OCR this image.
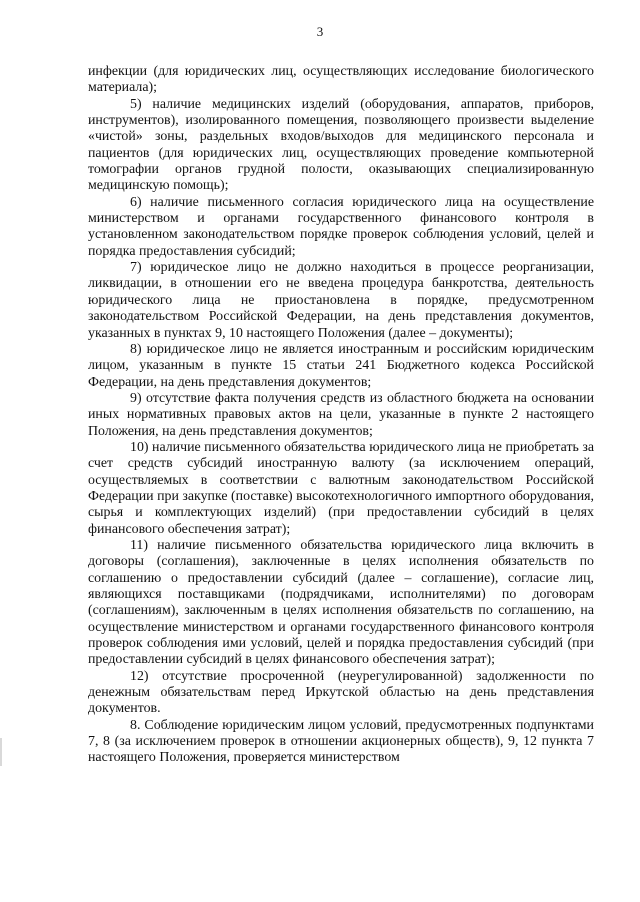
3

инфекции (для юридических лиц, осуществляющих исследование биологического материала);

5) наличие медицинских изделий (оборудования, аппаратов, приборов, инструментов), изолированного помещения, позволяющего произвести выделение «чистой» зоны, раздельных входов/выходов для медицинского персонала и пациентов (для юридических лиц, осуществляющих проведение компьютерной томографии органов грудной полости, оказывающих специализированную медицинскую помощь);

6) наличие письменного согласия юридического лица на осуществление министерством и органами государственного финансового контроля в установленном законодательством порядке проверок соблюдения условий, целей и порядка предоставления субсидий;

7) юридическое лицо не должно находиться в процессе реорганизации, ликвидации, в отношении его не введена процедура банкротства, деятельность юридического лица не приостановлена в порядке, предусмотренном законодательством Российской Федерации, на день представления документов, указанных в пунктах 9, 10 настоящего Положения (далее – документы);

8) юридическое лицо не является иностранным и российским юридическим лицом, указанным в пункте 15 статьи 241 Бюджетного кодекса Российской Федерации, на день представления документов;

9) отсутствие факта получения средств из областного бюджета на основании иных нормативных правовых актов на цели, указанные в пункте 2 настоящего Положения, на день представления документов;

10) наличие письменного обязательства юридического лица не приобретать за счет средств субсидий иностранную валюту (за исключением операций, осуществляемых в соответствии с валютным законодательством Российской Федерации при закупке (поставке) высокотехнологичного импортного оборудования, сырья и комплектующих изделий) (при предоставлении субсидий в целях финансового обеспечения затрат);

11) наличие письменного обязательства юридического лица включить в договоры (соглашения), заключенные в целях исполнения обязательств по соглашению о предоставлении субсидий (далее – соглашение), согласие лиц, являющихся поставщиками (подрядчиками, исполнителями) по договорам (соглашениям), заключенным в целях исполнения обязательств по соглашению, на осуществление министерством и органами государственного финансового контроля проверок соблюдения ими условий, целей и порядка предоставления субсидий (при предоставлении субсидий в целях финансового обеспечения затрат);

12) отсутствие просроченной (неурегулированной) задолженности по денежным обязательствам перед Иркутской областью на день представления документов.

8. Соблюдение юридическим лицом условий, предусмотренных подпунктами 7, 8 (за исключением проверок в отношении акционерных обществ), 9, 12 пункта 7 настоящего Положения, проверяется министерством
